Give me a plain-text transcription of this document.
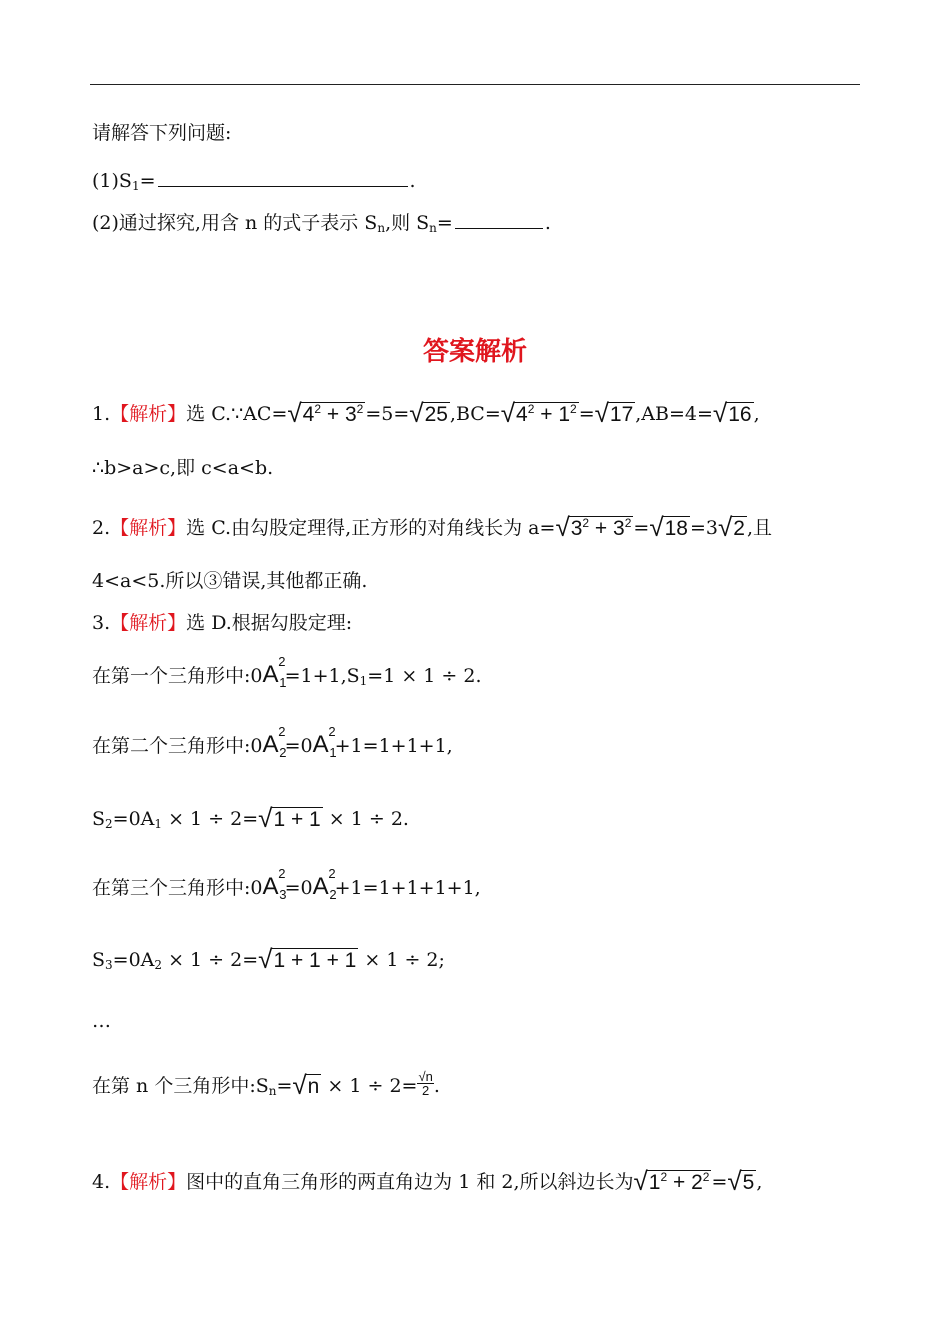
请解答下列问题:
$(1)S_1=$	.
(2)通过探究,用含 n 的式子表示 $S_n$,则 $S_n=$	.
答案解析
1.【解析】选 C.∵AC= √ $4^2 + 3^2 =5=$ √ 25 ,BC= √ $4^2 + 1^2$ = √ 17 ,AB=4= √ 16 ,
∴b>a>c,即 c<a<b.
2.【解析】选 C.由勾股定理得,正方形的对角线长为 a= √ $3^2 + 3^2$ = √ 18 =3 √ 2 ,且
4<a<5.所以③错误,其他都正确.
3.【解析】选 D.根据勾股定理:
在第一个三角形中:0A 2
1
$=1+1,S_1=1 \times 1 \div 2$.
在第二个三角形中:0A 2
2
=0A 2
1
+1=1+1+1,
$S_2=0A_1 \times 1 \div 2=$ √ 1 + 1 × 1 ÷ 2.
在第三个三角形中:0A 2
3
=0A 2
2
+1=1+1+1+1,
$S_3=0A_2 \times 1 \div 2=$ √ 1 + 1 + 1 × 1 ÷ 2;
…
在第 n 个三角形中$:S_n=$ √ $n \times 1 \div 2= \frac{√n}{2}$ .
4.【解析】图中的直角三角形的两直角边为 1 和 2,所以斜边长为 √ $1^2 + 2^2$ = √ 5 ,
